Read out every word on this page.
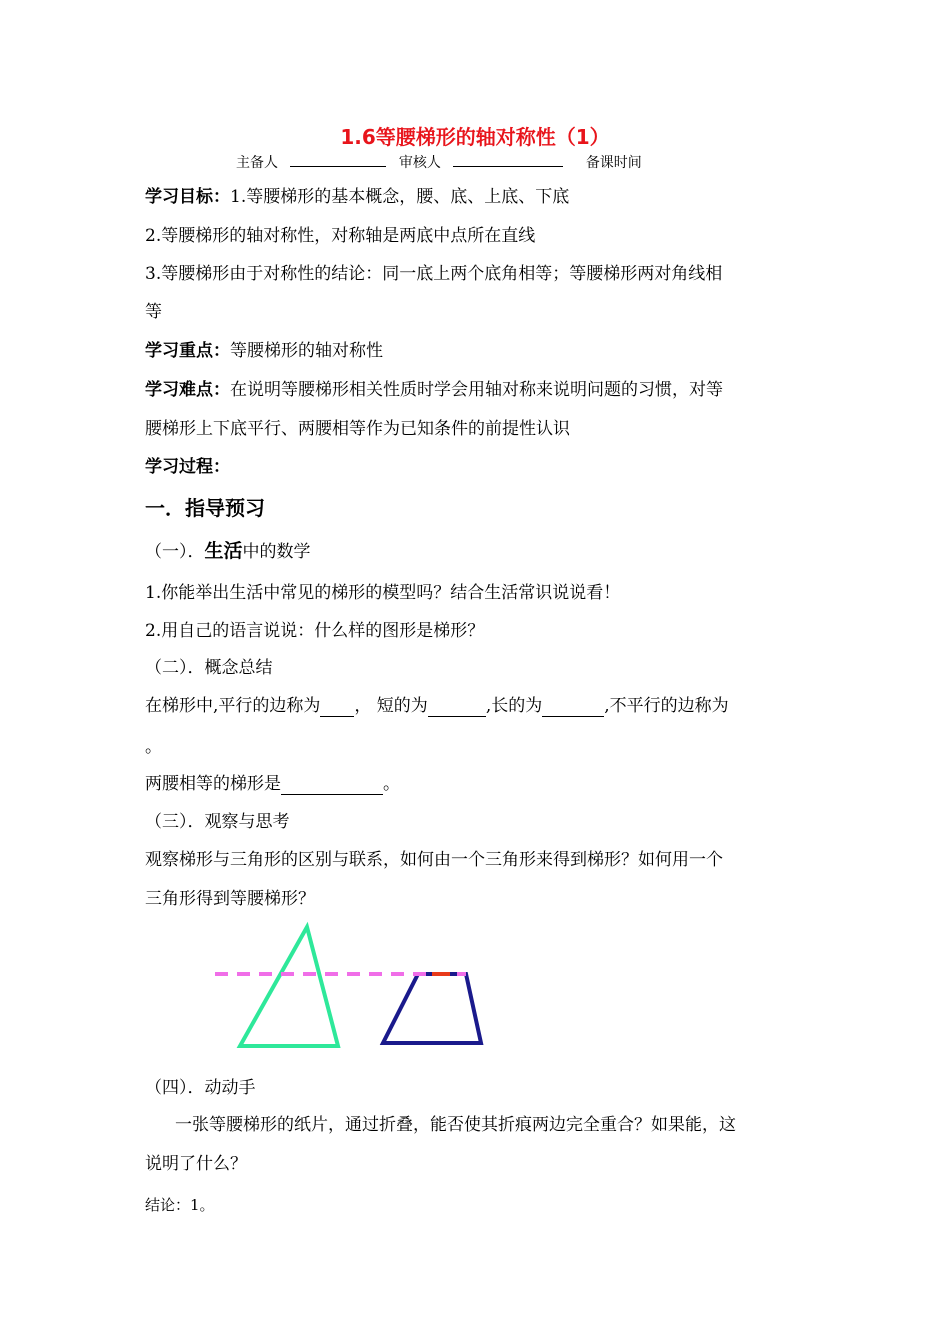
1.6等腰梯形的轴对称性（1）
主备人	审核人	备课时间
学习目标：1.等腰梯形的基本概念，腰、底、上底、下底
2.等腰梯形的轴对称性，对称轴是两底中点所在直线
3.等腰梯形由于对称性的结论：同一底上两个底角相等；等腰梯形两对角线相
等
学习重点：等腰梯形的轴对称性
学习难点：在说明等腰梯形相关性质时学会用轴对称来说明问题的习惯，对等
腰梯形上下底平行、两腰相等作为已知条件的前提性认识
学习过程：
一．指导预习
（一）．生活中的数学
1.你能举出生活中常见的梯形的模型吗？结合生活常识说说看！
2.用自己的语言说说：什么样的图形是梯形？
（二）．概念总结
在梯形中,平行的边称为 ， 短的为	,长的为	,不平行的边称为
。
两腰相等的梯形是	。
（三）．观察与思考
观察梯形与三角形的区别与联系，如何由一个三角形来得到梯形？如何用一个
三角形得到等腰梯形？
（四）．动动手
一张等腰梯形的纸片，通过折叠，能否使其折痕两边完全重合？如果能，这
说明了什么？
结论：1。
